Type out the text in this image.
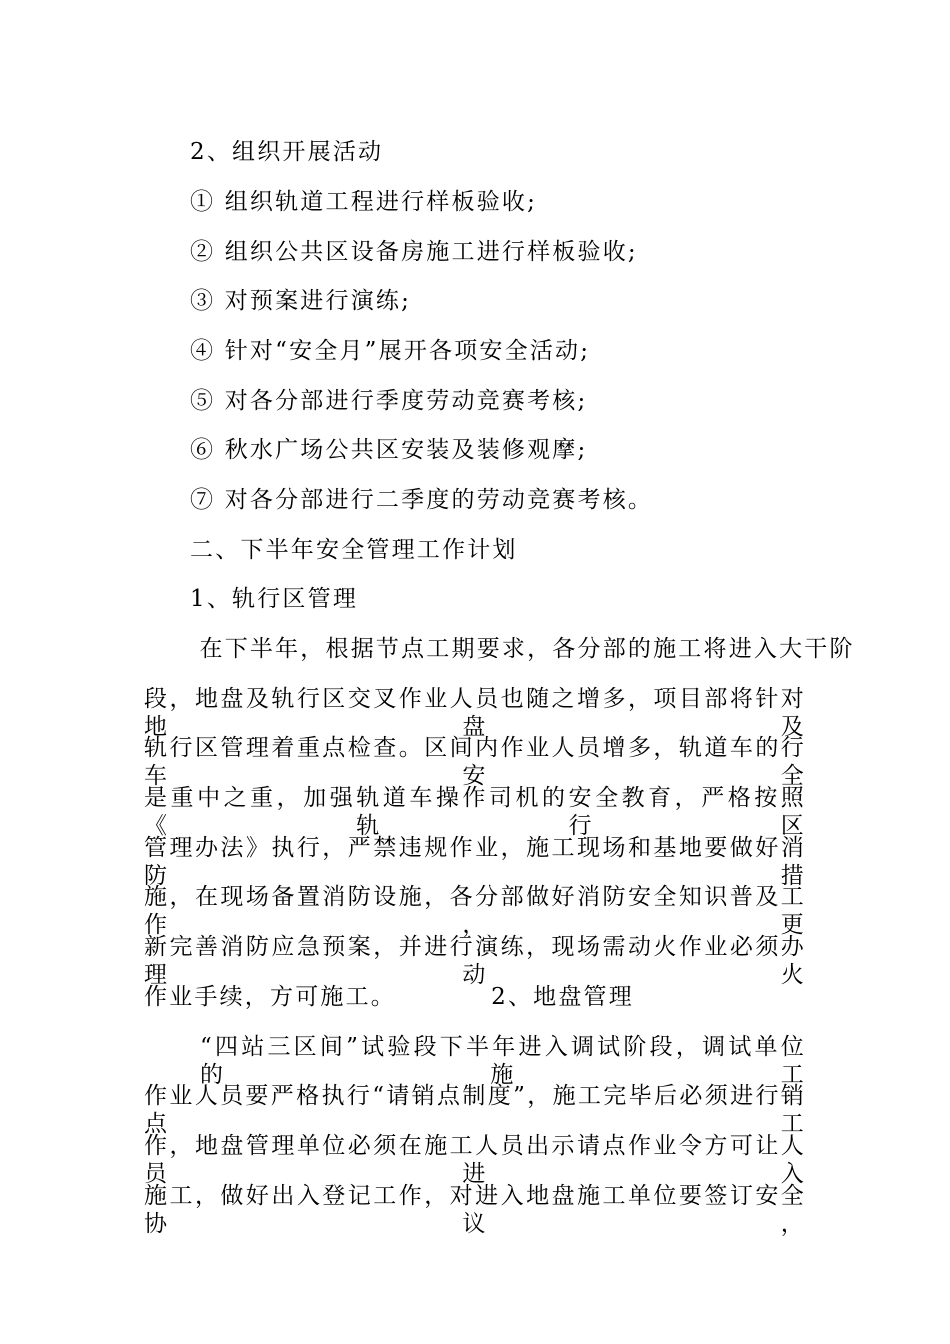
2、组织开展活动
① 组织轨道工程进行样板验收;
② 组织公共区设备房施工进行样板验收;
③ 对预案进行演练;
④ 针对“安全月”展开各项安全活动;
⑤ 对各分部进行季度劳动竞赛考核;
⑥ 秋水广场公共区安装及装修观摩;
⑦ 对各分部进行二季度的劳动竞赛考核。
二、下半年安全管理工作计划
1、轨行区管理
在下半年，根据节点工期要求，各分部的施工将进入大干阶
段，地盘及轨行区交叉作业人员也随之增多，项目部将针对地盘及
轨行区管理着重点检查。区间内作业人员增多，轨道车的行车安全
是重中之重，加强轨道车操作司机的安全教育，严格按照《轨行区
管理办法》执行，严禁违规作业，施工现场和基地要做好消防措
施，在现场备置消防设施，各分部做好消防安全知识普及工作，更
新完善消防应急预案，并进行演练，现场需动火作业必须办理动火
作业手续，方可施工。          2、地盘管理
“四站三区间”试验段下半年进入调试阶段，调试单位的施工
作业人员要严格执行“请销点制度”，施工完毕后必须进行销点工
作，地盘管理单位必须在施工人员出示请点作业令方可让人员进入
施工，做好出入登记工作，对进入地盘施工单位要签订安全协议，
